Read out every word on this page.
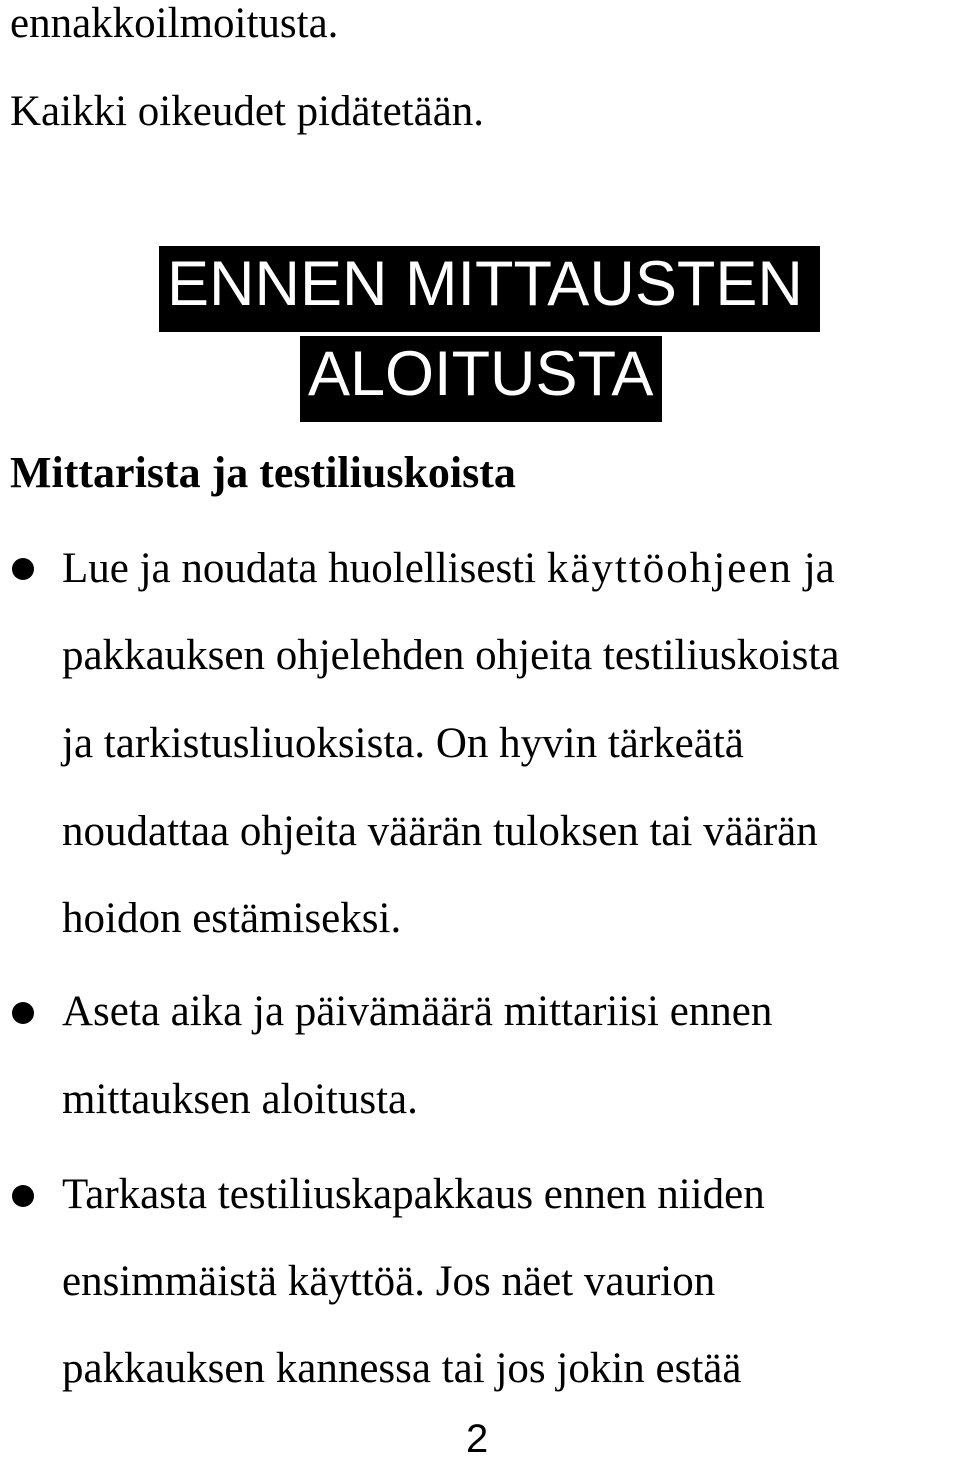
ennakkoilmoitusta.
Kaikki oikeudet pidätetään.
ENNEN MITTAUSTEN
ALOITUSTA
Mittarista ja testiliuskoista
Lue ja noudata huolellisesti käyttöohjeen ja
pakkauksen ohjelehden ohjeita testiliuskoista
ja tarkistusliuoksista. On hyvin tärkeätä
noudattaa ohjeita väärän tuloksen tai väärän
hoidon estämiseksi.
Aseta aika ja päivämäärä mittariisi ennen
mittauksen aloitusta.
Tarkasta testiliuskapakkaus ennen niiden
ensimmäistä käyttöä. Jos näet vaurion
pakkauksen kannessa tai jos jokin estää
2
